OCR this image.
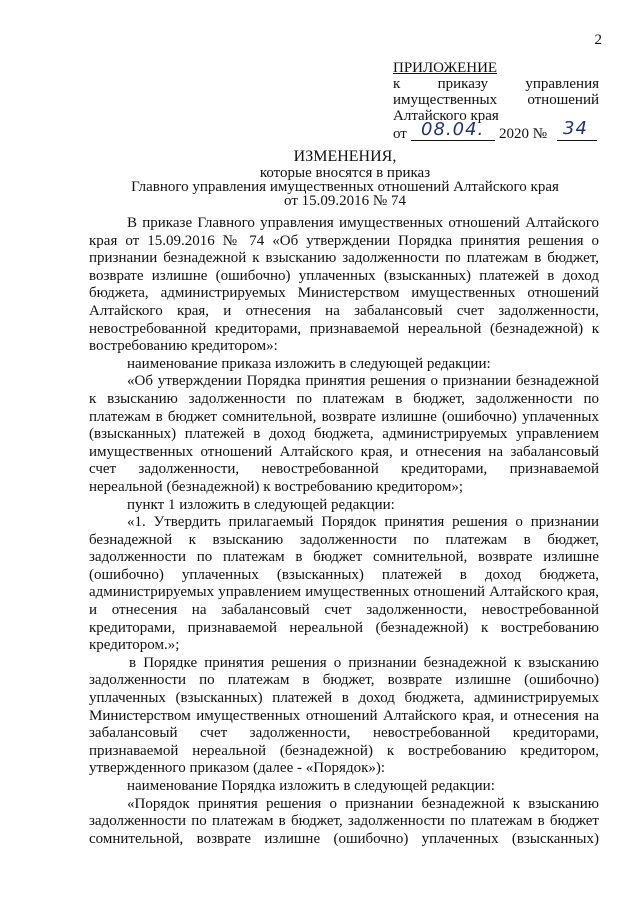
2
ПРИЛОЖЕНИЕ
к приказу управления
имущественных отношений
Алтайского края
от 08.04. 2020 № 34
ИЗМЕНЕНИЯ,
которые вносятся в приказ
Главного управления имущественных отношений Алтайского края
от 15.09.2016 № 74

В приказе Главного управления имущественных отношений Алтайского края от 15.09.2016 № 74 «Об утверждении Порядка принятия решения о признании безнадежной к взысканию задолженности по платежам в бюджет, возврате излишне (ошибочно) уплаченных (взысканных) платежей в доход бюджета, администрируемых Министерством имущественных отношений Алтайского края, и отнесения на забалансовый счет задолженности, невостребованной кредиторами, признаваемой нереальной (безнадежной) к востребованию кредитором»:

наименование приказа изложить в следующей редакции:

«Об утверждении Порядка принятия решения о признании безнадежной к взысканию задолженности по платежам в бюджет, задолженности по платежам в бюджет сомнительной, возврате излишне (ошибочно) уплаченных (взысканных) платежей в доход бюджета, администрируемых управлением имущественных отношений Алтайского края, и отнесения на забалансовый счет задолженности, невостребованной кредиторами, признаваемой нереальной (безнадежной) к востребованию кредитором»;

пункт 1 изложить в следующей редакции:

«1. Утвердить прилагаемый Порядок принятия решения о признании безнадежной к взысканию задолженности по платежам в бюджет, задолженности по платежам в бюджет сомнительной, возврате излишне (ошибочно) уплаченных (взысканных) платежей в доход бюджета, администрируемых управлением имущественных отношений Алтайского края, и отнесения на забалансовый счет задолженности, невостребованной кредиторами, признаваемой нереальной (безнадежной) к востребованию кредитором.»;

в Порядке принятия решения о признании безнадежной к взысканию задолженности по платежам в бюджет, возврате излишне (ошибочно) уплаченных (взысканных) платежей в доход бюджета, администрируемых Министерством имущественных отношений Алтайского края, и отнесения на забалансовый счет задолженности, невостребованной кредиторами, признаваемой нереальной (безнадежной) к востребованию кредитором, утвержденного приказом (далее - «Порядок»):

наименование Порядка изложить в следующей редакции:

«Порядок принятия решения о признании безнадежной к взысканию задолженности по платежам в бюджет, задолженности по платежам в бюджет сомнительной, возврате излишне (ошибочно) уплаченных (взысканных)
